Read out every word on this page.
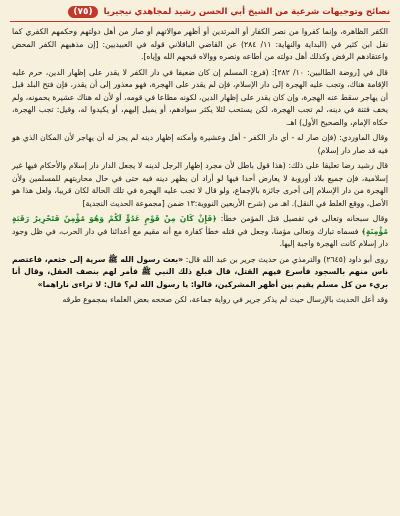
نصائح وتوجيهات شرعية من الشيخ أبي الحسن رشيد لمجاهدي نيجيريا
(٧٥)

الكفر الظاهرة، وإنما كفروا من نصر الكفار أو المرتدين أو أظهر موالاتهم أو صار من أهل دولتهم وحكمهم الكفري كما نقل ابن كثير في (البداية والنهاية: ١١/ ٢٨٤) عن القاضي الباقلاني قوله في العبيديين: [إن مذهبهم الكفر المحض واعتقادهم الرفض وكذلك أهل دولته من أطاعه ونصره ووالاه قبحهم الله وإياه].

قال في [روضة الطالبين: ١٠/ ٢٨٢]: (فرع: المسلم إن كان ضعيفا في دار الكفر لا يقدر على إظهار الدين، حرم عليه الإقامة هناك، وتجب عليه الهجرة إلى دار الإسلام، فإن لم يقدر على الهجرة، فهو معذور إلى أن يقدر، فإن فتح البلد قبل أن يهاجر سقط عنه الهجرة، وإن كان يقدر على إظهار الدين، لكونه مطاعا في قومه، أو لأن له هناك عشيرة يحمونه، ولم يخف فتنة في دينه، لم تجب الهجرة، لكن يستحب لئلا يكثر سوادهم، أو يميل إليهم، أو يكيدوا له، وقيل: تجب الهجرة، حكاه الإمام، والصحيح الأول) اهـ.

وقال الماوردي: (فإن صار له - أي دار الكفر - أهل وعشيرة وأمكنه إظهار دينه لم يجز له أن يهاجر لأن المكان الذي هو فيه قد صار دار إسلام)

قال رشيد رضا تعليقا على ذلك: (هذا قول باطل لأن مجرد إظهار الرجل لدينه لا يجعل الدار دار إسلام والأحكام فيها غير إسلامية، فإن جميع بلاد أوروبة لا يعارض أحدا فيها لو أراد أن يظهر دينه فيه حتى في حال محاربتهم للمسلمين ولأن الهجرة من دار الإسلام إلى أخرى جائزة بالإجماع، ولو قال لا تجب عليه الهجرة في تلك الحالة لكان قريبا، ولعل هذا هو الأصل، ووقع الغلط في النقل). اهـ من (شرح الأربعين النووية:١٣ ضمن [مجموعة الحديث النجدية]

وقال سبحانه وتعالى في تفصيل قتل المؤمن خطأ: ﴿فَإِنْ كَانَ مِنْ قَوْمٍ عَدُوٍّ لَكُمْ وَهُوَ مُؤْمِنٌ فَتَحْرِيرُ رَقَبَةٍ مُؤْمِنَةٍ﴾ فسماه تبارك وتعالى مؤمنا، وجعل في قتله خطأ كفارة مع أنه مقيم مع أعدائنا في دار الحرب، في ظل وجود دار إسلام كانت الهجرة واجبة إليها.

روى أبو داود (٢٦٤٥) والترمذي من حديث جرير بن عبد الله قال: «بعث رسول الله ﷺ سرية إلى خثعم، فاعتصم ناس منهم بالسجود فأسرع فيهم القتل، قال فبلغ ذلك النبي ﷺ فأمر لهم بنصف العقل، وقال أنا بريء من كل مسلم يقيم بين أظهر المشركين، قالوا: يا رسول الله لم؟ قال: لا تراءى ناراهما»

وقد أعل الحديث بالإرسال حيث لم يذكر جرير في رواية جماعة، لكن صححه بعض العلماء بمجموع طرقه
